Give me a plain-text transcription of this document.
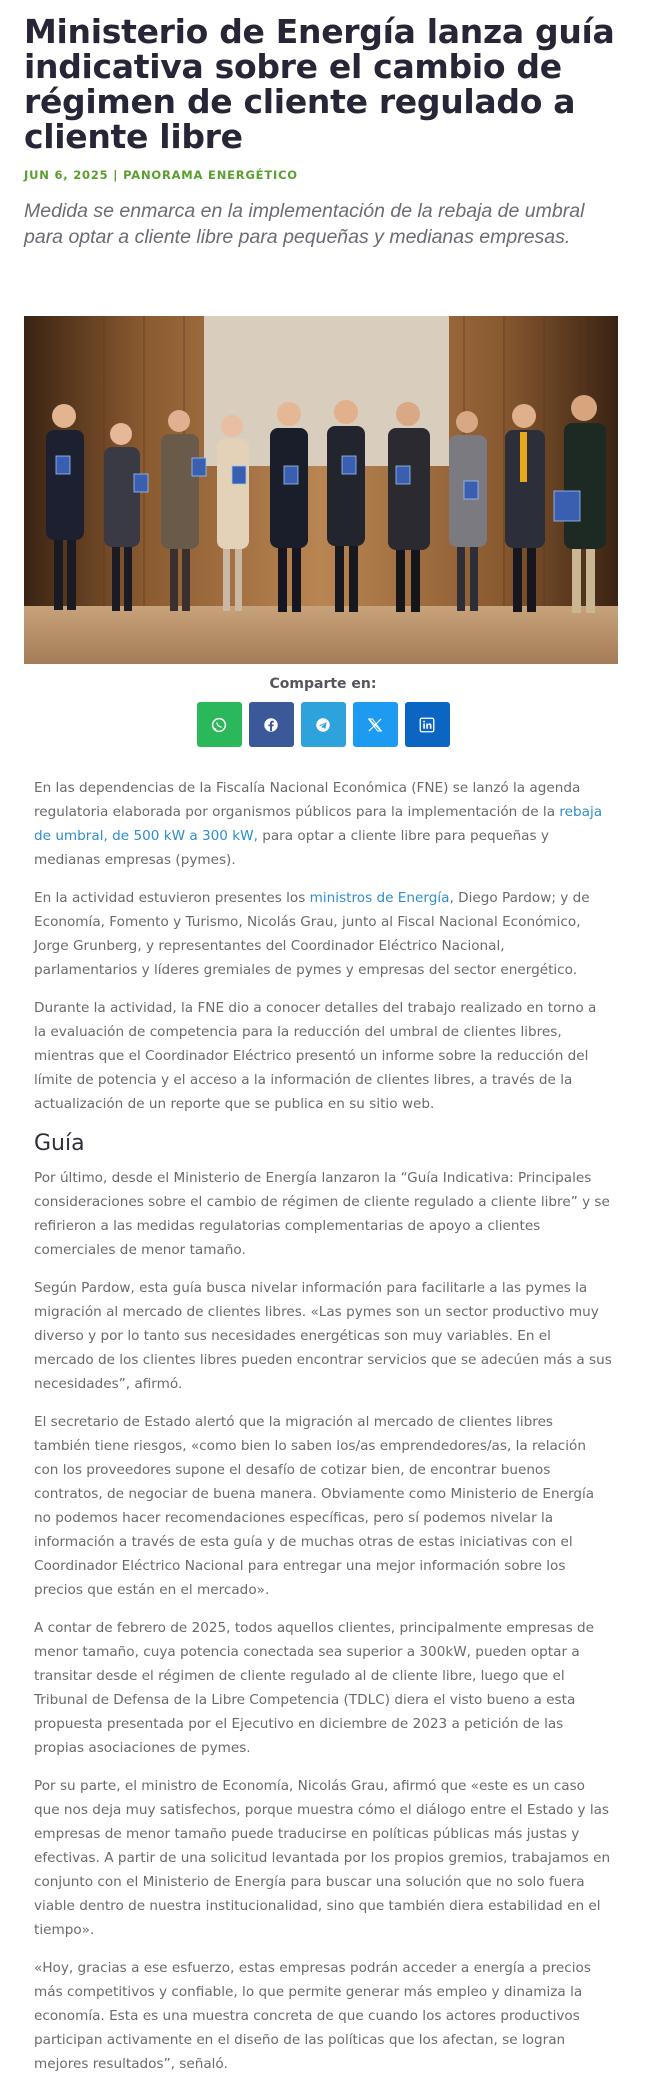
Ministerio de Energía lanza guía indicativa sobre el cambio de régimen de cliente regulado a cliente libre
JUN 6, 2025 | PANORAMA ENERGÉTICO
Medida se enmarca en la implementación de la rebaja de umbral para optar a cliente libre para pequeñas y medianas empresas.
Comparte en:

En las dependencias de la Fiscalía Nacional Económica (FNE) se lanzó la agenda regulatoria elaborada por organismos públicos para la implementación de la rebaja de umbral, de 500 kW a 300 kW, para optar a cliente libre para pequeñas y medianas empresas (pymes).

En la actividad estuvieron presentes los ministros de Energía, Diego Pardow; y de Economía, Fomento y Turismo, Nicolás Grau, junto al Fiscal Nacional Económico, Jorge Grunberg, y representantes del Coordinador Eléctrico Nacional, parlamentarios y líderes gremiales de pymes y empresas del sector energético.

Durante la actividad, la FNE dio a conocer detalles del trabajo realizado en torno a la evaluación de competencia para la reducción del umbral de clientes libres, mientras que el Coordinador Eléctrico presentó un informe sobre la reducción del límite de potencia y el acceso a la información de clientes libres, a través de la actualización de un reporte que se publica en su sitio web.

Guía

Por último, desde el Ministerio de Energía lanzaron la “Guía Indicativa: Principales consideraciones sobre el cambio de régimen de cliente regulado a cliente libre” y se refirieron a las medidas regulatorias complementarias de apoyo a clientes comerciales de menor tamaño.

Según Pardow, esta guía busca nivelar información para facilitarle a las pymes la migración al mercado de clientes libres. «Las pymes son un sector productivo muy diverso y por lo tanto sus necesidades energéticas son muy variables. En el mercado de los clientes libres pueden encontrar servicios que se adecúen más a sus necesidades”, afirmó.

El secretario de Estado alertó que la migración al mercado de clientes libres también tiene riesgos, «como bien lo saben los/as emprendedores/as, la relación con los proveedores supone el desafío de cotizar bien, de encontrar buenos contratos, de negociar de buena manera. Obviamente como Ministerio de Energía no podemos hacer recomendaciones específicas, pero sí podemos nivelar la información a través de esta guía y de muchas otras de estas iniciativas con el Coordinador Eléctrico Nacional para entregar una mejor información sobre los precios que están en el mercado».

A contar de febrero de 2025, todos aquellos clientes, principalmente empresas de menor tamaño, cuya potencia conectada sea superior a 300kW, pueden optar a transitar desde el régimen de cliente regulado al de cliente libre, luego que el Tribunal de Defensa de la Libre Competencia (TDLC) diera el visto bueno a esta propuesta presentada por el Ejecutivo en diciembre de 2023 a petición de las propias asociaciones de pymes.

Por su parte, el ministro de Economía, Nicolás Grau, afirmó que «este es un caso que nos deja muy satisfechos, porque muestra cómo el diálogo entre el Estado y las empresas de menor tamaño puede traducirse en políticas públicas más justas y efectivas. A partir de una solicitud levantada por los propios gremios, trabajamos en conjunto con el Ministerio de Energía para buscar una solución que no solo fuera viable dentro de nuestra institucionalidad, sino que también diera estabilidad en el tiempo».

«Hoy, gracias a ese esfuerzo, estas empresas podrán acceder a energía a precios más competitivos y confiable, lo que permite generar más empleo y dinamiza la economía. Esta es una muestra concreta de que cuando los actores productivos participan activamente en el diseño de las políticas que los afectan, se logran mejores resultados”, señaló.
